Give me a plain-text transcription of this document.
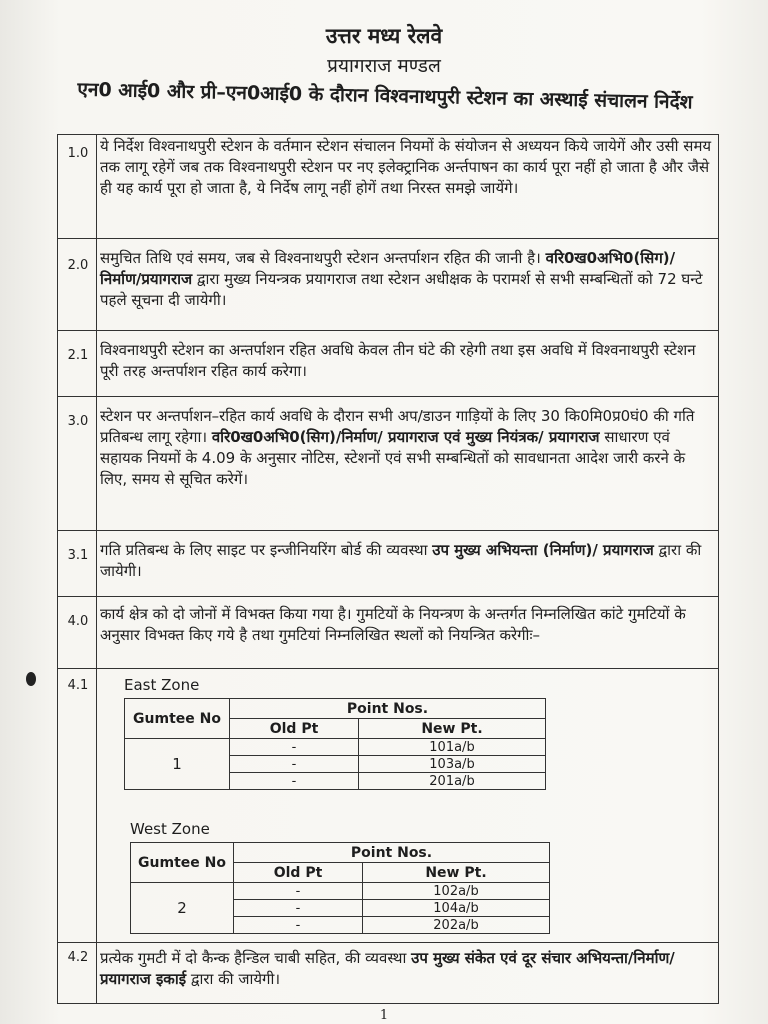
उत्तर मध्य रेलवे
प्रयागराज मण्डल
एन0 आई0 और प्री–एन0आई0 के दौरान विश्वनाथपुरी स्टेशन का अस्थाई संचालन निर्देश
1.0 ये निर्देश विश्वनाथपुरी स्टेशन के वर्तमान स्टेशन संचालन नियमों के संयोजन से अध्ययन किये जायेगें और उसी समय तक लागू रहेगें जब तक विश्वनाथपुरी स्टेशन पर नए इलेक्ट्रानिक अर्न्तपाषन का कार्य पूरा नहीं हो जाता है और जैसे ही यह कार्य पूरा हो जाता है, ये निर्देष लागू नहीं होगें तथा निरस्त समझे जायेंगे।
2.0 समुचित तिथि एवं समय, जब से विश्वनाथपुरी स्टेशन अन्तर्पाशन रहित की जानी है। वरि0ख0अभि0(सिग)/निर्माण/प्रयागराज द्वारा मुख्य नियन्त्रक प्रयागराज तथा स्टेशन अधीक्षक के परामर्श से सभी सम्बन्धितों को 72 घन्टे पहले सूचना दी जायेगी।
2.1 विश्वनाथपुरी स्टेशन का अन्तर्पाशन रहित अवधि केवल तीन घंटे की रहेगी तथा इस अवधि में विश्वनाथपुरी स्टेशन पूरी तरह अन्तर्पाशन रहित कार्य करेगा।
3.0 स्टेशन पर अन्तर्पाशन–रहित कार्य अवधि के दौरान सभी अप/डाउन गाड़ियों के लिए 30 कि0मि0प्र0घं0 की गति प्रतिबन्ध लागू रहेगा। वरि0ख0अभि0(सिग)/निर्माण/ प्रयागराज एवं मुख्य नियंत्रक/ प्रयागराज साधारण एवं सहायक नियमों के 4.09 के अनुसार नोटिस, स्टेशनों एवं सभी सम्बन्धितों को सावधानता आदेश जारी करने के लिए, समय से सूचित करेगें।
3.1 गति प्रतिबन्ध के लिए साइट पर इन्जीनियरिंग बोर्ड की व्यवस्था उप मुख्य अभियन्ता (निर्माण)/ प्रयागराज द्वारा की जायेगी।
4.0 कार्य क्षेत्र को दो जोनों में विभक्त किया गया है। गुमटियों के नियन्त्रण के अन्तर्गत निम्नलिखित कांटे गुमटियों के अनुसार विभक्त किए गये है तथा गुमटियां निम्नलिखित स्थलों को नियन्त्रित करेगीः–
4.1	East Zone
Gumtee No	Point Nos.	
	Old Pt	New Pt.
1	-	101a/b
	-	103a/b
	-	201a/b
West Zone
Gumtee No	Point Nos.	
	Old Pt	New Pt.
2	-	102a/b
	-	104a/b
	-	202a/b
4.2 प्रत्येक गुमटी में दो कैन्क हैन्डिल चाबी सहित, की व्यवस्था उप मुख्य संकेत एवं दूर संचार अभियन्ता/निर्माण/ प्रयागराज इकाई द्वारा की जायेगी।
1
